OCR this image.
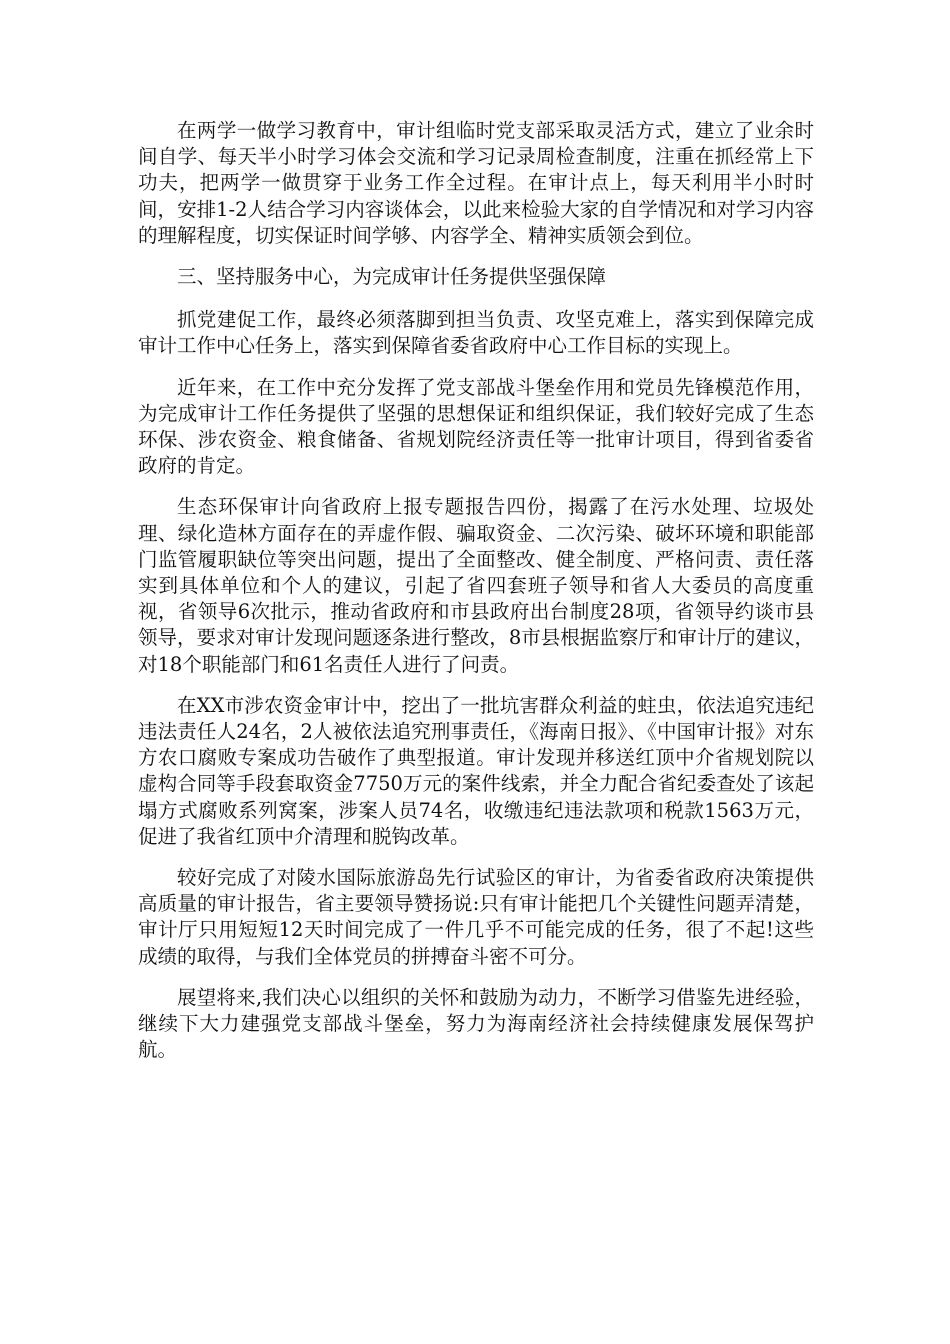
在两学一做学习教育中，审计组临时党支部采取灵活方式，建立了业余时间自学、每天半小时学习体会交流和学习记录周检查制度，注重在抓经常上下功夫，把两学一做贯穿于业务工作全过程。在审计点上，每天利用半小时时间，安排1-2人结合学习内容谈体会，以此来检验大家的自学情况和对学习内容的理解程度，切实保证时间学够、内容学全、精神实质领会到位。

三、坚持服务中心，为完成审计任务提供坚强保障

抓党建促工作，最终必须落脚到担当负责、攻坚克难上，落实到保障完成审计工作中心任务上，落实到保障省委省政府中心工作目标的实现上。

近年来，在工作中充分发挥了党支部战斗堡垒作用和党员先锋模范作用，为完成审计工作任务提供了坚强的思想保证和组织保证，我们较好完成了生态环保、涉农资金、粮食储备、省规划院经济责任等一批审计项目，得到省委省政府的肯定。

生态环保审计向省政府上报专题报告四份，揭露了在污水处理、垃圾处理、绿化造林方面存在的弄虚作假、骗取资金、二次污染、破坏环境和职能部门监管履职缺位等突出问题，提出了全面整改、健全制度、严格问责、责任落实到具体单位和个人的建议，引起了省四套班子领导和省人大委员的高度重视，省领导6次批示，推动省政府和市县政府出台制度28项，省领导约谈市县领导，要求对审计发现问题逐条进行整改，8市县根据监察厅和审计厅的建议，对18个职能部门和61名责任人进行了问责。

在XX市涉农资金审计中，挖出了一批坑害群众利益的蛀虫，依法追究违纪违法责任人24名，2人被依法追究刑事责任，《海南日报》、《中国审计报》对东方农口腐败专案成功告破作了典型报道。审计发现并移送红顶中介省规划院以虚构合同等手段套取资金7750万元的案件线索，并全力配合省纪委查处了该起塌方式腐败系列窝案，涉案人员74名，收缴违纪违法款项和税款1563万元，促进了我省红顶中介清理和脱钩改革。

较好完成了对陵水国际旅游岛先行试验区的审计，为省委省政府决策提供高质量的审计报告，省主要领导赞扬说:只有审计能把几个关键性问题弄清楚，审计厅只用短短12天时间完成了一件几乎不可能完成的任务，很了不起!这些成绩的取得，与我们全体党员的拼搏奋斗密不可分。

展望将来,我们决心以组织的关怀和鼓励为动力，不断学习借鉴先进经验，继续下大力建强党支部战斗堡垒，努力为海南经济社会持续健康发展保驾护航。
